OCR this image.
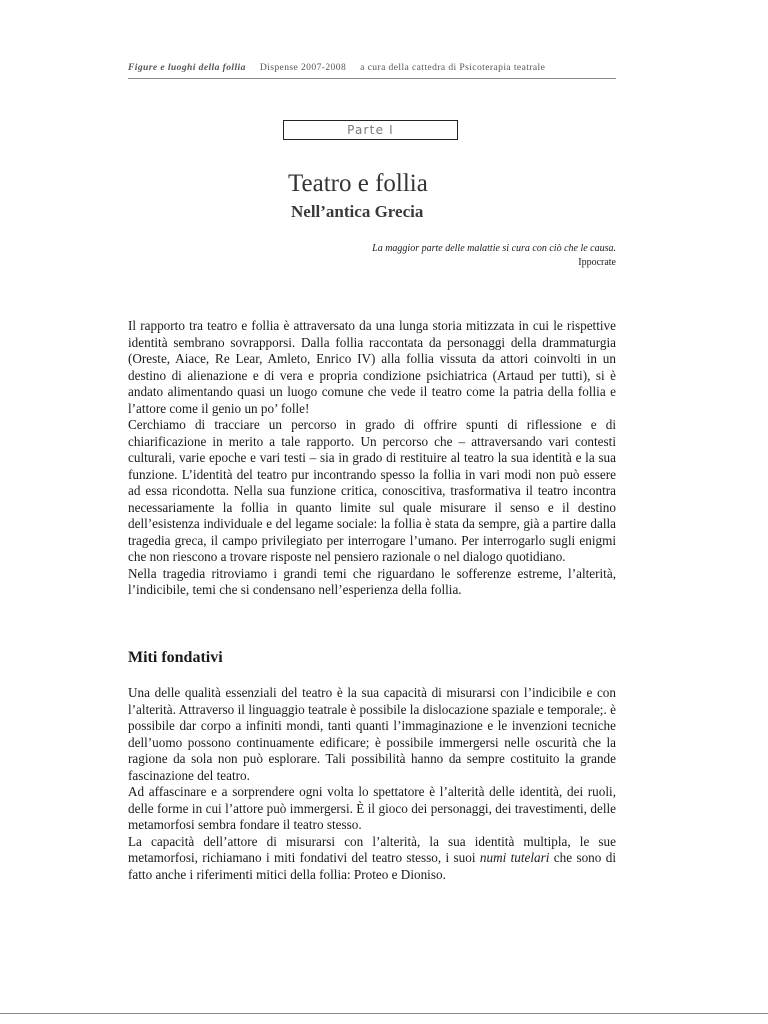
Figure e luoghi della follia Dispense 2007-2008 a cura della cattedra di Psicoterapia teatrale
Parte I
Teatro e follia
Nell’antica Grecia
La maggior parte delle malattie si cura con ciò che le causa.
Ippocrate

Il rapporto tra teatro e follia è attraversato da una lunga storia mitizzata in cui le rispettive identità sembrano sovrapporsi. Dalla follia raccontata da personaggi della drammaturgia (Oreste, Aiace, Re Lear, Amleto, Enrico IV) alla follia vissuta da attori coinvolti in un destino di alienazione e di vera e propria condizione psichiatrica (Artaud per tutti), si è andato alimentando quasi un luogo comune che vede il teatro come la patria della follia e l’attore come il genio un po’ folle!

Cerchiamo di tracciare un percorso in grado di offrire spunti di riflessione e di chiarificazione in merito a tale rapporto. Un percorso che – attraversando vari contesti culturali, varie epoche e vari testi – sia in grado di restituire al teatro la sua identità e la sua funzione. L’identità del teatro pur incontrando spesso la follia in vari modi non può essere ad essa ricondotta. Nella sua funzione critica, conoscitiva, trasformativa il teatro incontra necessariamente la follia in quanto limite sul quale misurare il senso e il destino dell’esistenza individuale e del legame sociale: la follia è stata da sempre, già a partire dalla tragedia greca, il campo privilegiato per interrogare l’umano. Per interrogarlo sugli enigmi che non riescono a trovare risposte nel pensiero razionale o nel dialogo quotidiano.

Nella tragedia ritroviamo i grandi temi che riguardano le sofferenze estreme, l’alterità, l’indicibile, temi che si condensano nell’esperienza della follia.

Miti fondativi

Una delle qualità essenziali del teatro è la sua capacità di misurarsi con l’indicibile e con l’alterità. Attraverso il linguaggio teatrale è possibile la dislocazione spaziale e temporale;. è possibile dar corpo a infiniti mondi, tanti quanti l’immaginazione e le invenzioni tecniche dell’uomo possono continuamente edificare; è possibile immergersi nelle oscurità che la ragione da sola non può esplorare. Tali possibilità hanno da sempre costituito la grande fascinazione del teatro.

Ad affascinare e a sorprendere ogni volta lo spettatore è l’alterità delle identità, dei ruoli, delle forme in cui l’attore può immergersi. È il gioco dei personaggi, dei travestimenti, delle metamorfosi sembra fondare il teatro stesso.

La capacità dell’attore di misurarsi con l’alterità, la sua identità multipla, le sue metamorfosi, richiamano i miti fondativi del teatro stesso, i suoi numi tutelari che sono di fatto anche i riferimenti mitici della follia: Proteo e Dioniso.
